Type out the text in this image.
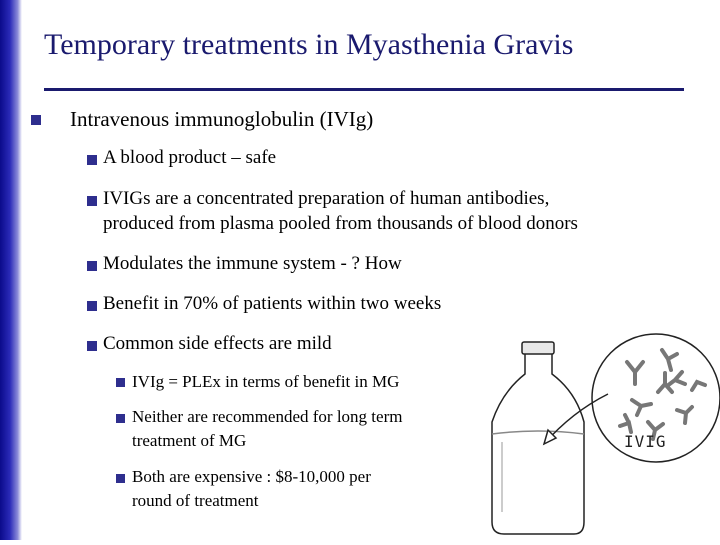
Temporary treatments in Myasthenia Gravis
Intravenous immunoglobulin (IVIg)
A blood product – safe
IVIGs are a concentrated preparation of human antibodies,
produced from plasma pooled from thousands of blood donors
Modulates the immune system - ? How
Benefit in 70% of patients within two weeks
Common side effects are mild
IVIg = PLEx in terms of benefit in MG
Neither are recommended for long term
treatment of MG
Both are expensive : $8-10,000 per
round of treatment
IVIG
